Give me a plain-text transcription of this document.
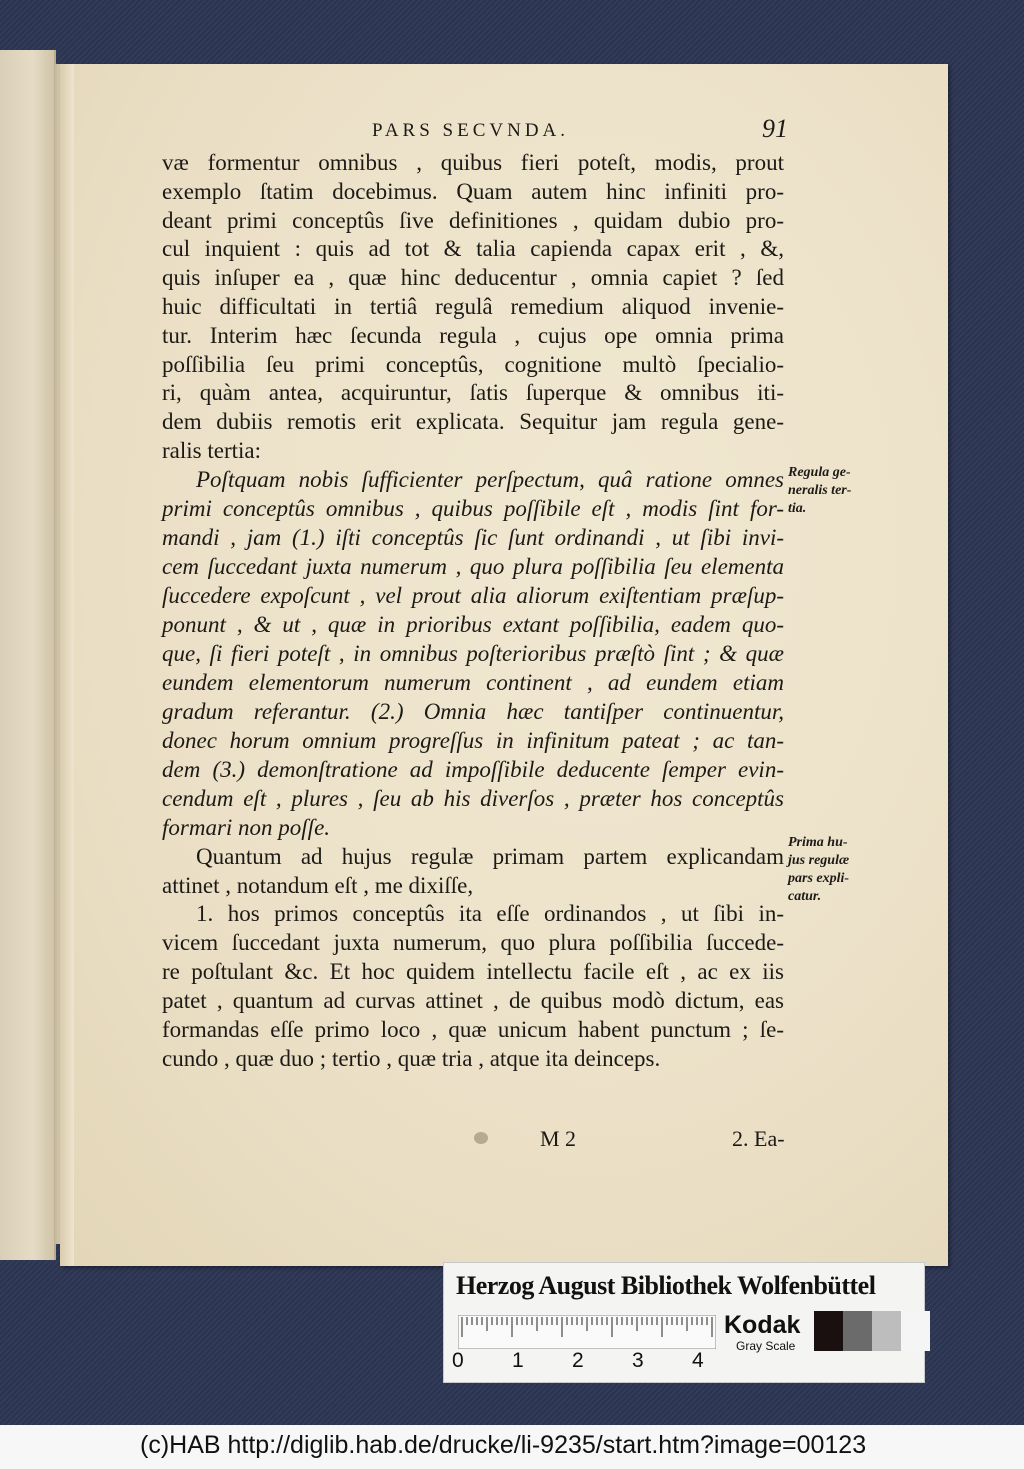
PARS SECVNDA.	91
væ formentur omnibus , quibus fieri poteſt, modis, prout
exemplo ſtatim docebimus. Quam autem hinc infiniti pro-
deant primi conceptûs ſive definitiones , quidam dubio pro-
cul inquient : quis ad tot & talia capienda capax erit , &,
quis inſuper ea , quæ hinc deducentur , omnia capiet ? ſed
huic difficultati in tertiâ regulâ remedium aliquod invenie-
tur. Interim hæc ſecunda regula , cujus ope omnia prima
poſſibilia ſeu primi conceptûs, cognitione multò ſpecialio-
ri, quàm antea, acquiruntur, ſatis ſuperque & omnibus iti-
dem dubiis remotis erit explicata. Sequitur jam regula gene-
ralis tertia:
Poſtquam nobis ſufficienter perſpectum, quâ ratione omnes
primi conceptûs omnibus , quibus poſſibile eſt , modis ſint for-
mandi , jam (1.) iſti conceptûs ſic ſunt ordinandi , ut ſibi invi-
cem ſuccedant juxta numerum , quo plura poſſibilia ſeu elementa
ſuccedere expoſcunt , vel prout alia aliorum exiſtentiam præſup-
ponunt , & ut , quæ in prioribus extant poſſibilia, eadem quo-
que, ſi fieri poteſt , in omnibus poſterioribus præſtò ſint ; & quæ
eundem elementorum numerum continent , ad eundem etiam
gradum referantur. (2.) Omnia hæc tantiſper continuentur,
donec horum omnium progreſſus in infinitum pateat ; ac tan-
dem (3.) demonſtratione ad impoſſibile deducente ſemper evin-
cendum eſt , plures , ſeu ab his diverſos , præter hos conceptûs
formari non poſſe.
Quantum ad hujus regulæ primam partem explicandam
attinet , notandum eſt , me dixiſſe,
1. hos primos conceptûs ita eſſe ordinandos , ut ſibi in-
vicem ſuccedant juxta numerum, quo plura poſſibilia ſuccede-
re poſtulant &c. Et hoc quidem intellectu facile eſt , ac ex iis
patet , quantum ad curvas attinet , de quibus modò dictum, eas
formandas eſſe primo loco , quæ unicum habent punctum ; ſe-
cundo , quæ duo ; tertio , quæ tria , atque ita deinceps.
Regula ge-
neralis ter-
tia.
Prima hu-
jus regulæ
pars expli-
catur.
M 2	2. Ea-
Herzog August Bibliothek Wolfenbüttel
0 1 2 3 4
Kodak
Gray Scale
(c)HAB http://diglib.hab.de/drucke/li-9235/start.htm?image=00123
